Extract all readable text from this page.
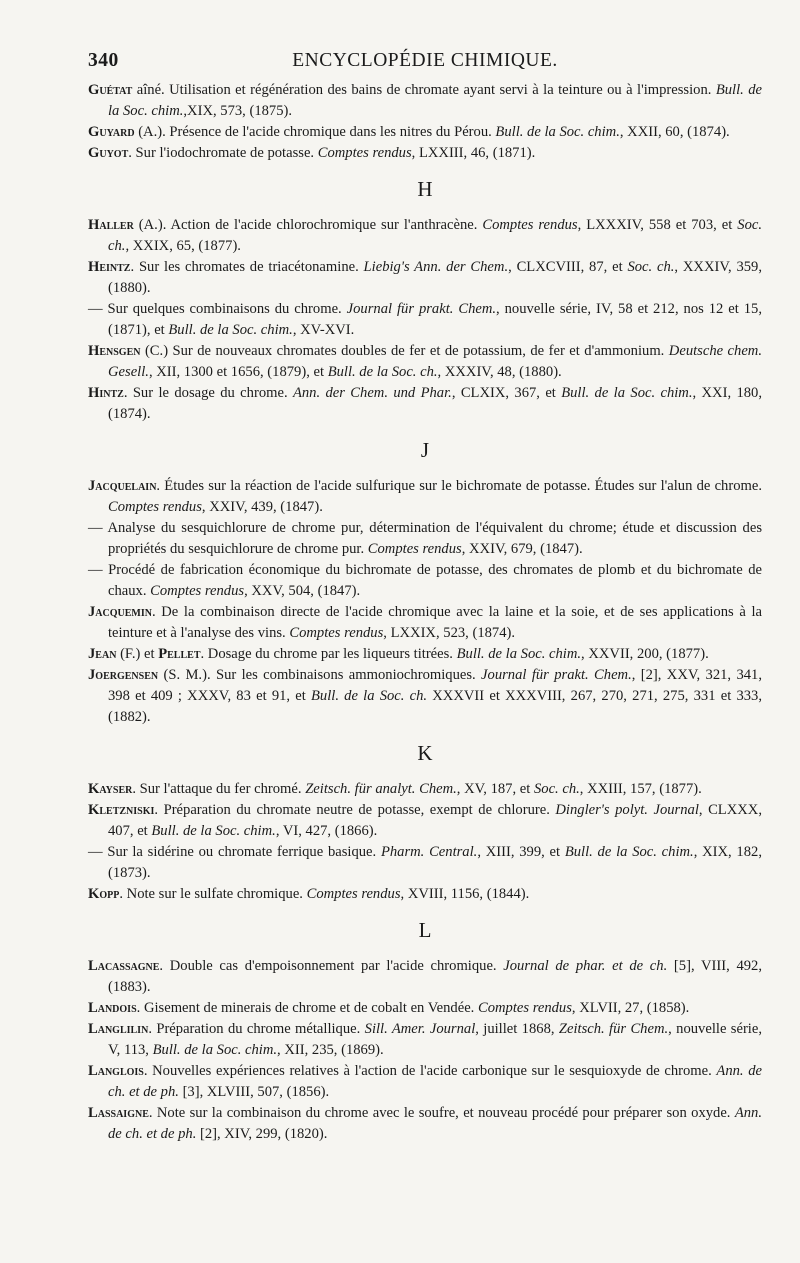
340	ENCYCLOPÉDIE CHIMIQUE.

Guétat aîné. Utilisation et régénération des bains de chromate ayant servi à la teinture ou à l'impression. Bull. de la Soc. chim.,XIX, 573, (1875).

Guyard (A.). Présence de l'acide chromique dans les nitres du Pérou. Bull. de la Soc. chim., XXII, 60, (1874).

Guyot. Sur l'iodochromate de potasse. Comptes rendus, LXXIII, 46, (1871).

H

Haller (A.). Action de l'acide chlorochromique sur l'anthracène. Comptes rendus, LXXXIV, 558 et 703, et Soc. ch., XXIX, 65, (1877).

Heintz. Sur les chromates de triacétonamine. Liebig's Ann. der Chem., CLXCVIII, 87, et Soc. ch., XXXIV, 359, (1880).

— Sur quelques combinaisons du chrome. Journal für prakt. Chem., nouvelle série, IV, 58 et 212, nos 12 et 15, (1871), et Bull. de la Soc. chim., XV-XVI.

Hensgen (C.) Sur de nouveaux chromates doubles de fer et de potassium, de fer et d'ammonium. Deutsche chem. Gesell., XII, 1300 et 1656, (1879), et Bull. de la Soc. ch., XXXIV, 48, (1880).

Hintz. Sur le dosage du chrome. Ann. der Chem. und Phar., CLXIX, 367, et Bull. de la Soc. chim., XXI, 180, (1874).

J

Jacquelain. Études sur la réaction de l'acide sulfurique sur le bichromate de potasse. Études sur l'alun de chrome. Comptes rendus, XXIV, 439, (1847).

— Analyse du sesquichlorure de chrome pur, détermination de l'équivalent du chrome; étude et discussion des propriétés du sesquichlorure de chrome pur. Comptes rendus, XXIV, 679, (1847).

— Procédé de fabrication économique du bichromate de potasse, des chromates de plomb et du bichromate de chaux. Comptes rendus, XXV, 504, (1847).

Jacquemin. De la combinaison directe de l'acide chromique avec la laine et la soie, et de ses applications à la teinture et à l'analyse des vins. Comptes rendus, LXXIX, 523, (1874).

Jean (F.) et Pellet. Dosage du chrome par les liqueurs titrées. Bull. de la Soc. chim., XXVII, 200, (1877).

Joergensen (S. M.). Sur les combinaisons ammoniochromiques. Journal für prakt. Chem., [2], XXV, 321, 341, 398 et 409 ; XXXV, 83 et 91, et Bull. de la Soc. ch. XXXVII et XXXVIII, 267, 270, 271, 275, 331 et 333, (1882).

K

Kayser. Sur l'attaque du fer chromé. Zeitsch. für analyt. Chem., XV, 187, et Soc. ch., XXIII, 157, (1877).

Kletzniski. Préparation du chromate neutre de potasse, exempt de chlorure. Dingler's polyt. Journal, CLXXX, 407, et Bull. de la Soc. chim., VI, 427, (1866).

— Sur la sidérine ou chromate ferrique basique. Pharm. Central., XIII, 399, et Bull. de la Soc. chim., XIX, 182, (1873).

Kopp. Note sur le sulfate chromique. Comptes rendus, XVIII, 1156, (1844).

L

Lacassagne. Double cas d'empoisonnement par l'acide chromique. Journal de phar. et de ch. [5], VIII, 492, (1883).

Landois. Gisement de minerais de chrome et de cobalt en Vendée. Comptes rendus, XLVII, 27, (1858).

Langlilin. Préparation du chrome métallique. Sill. Amer. Journal, juillet 1868, Zeitsch. für Chem., nouvelle série, V, 113, Bull. de la Soc. chim., XII, 235, (1869).

Langlois. Nouvelles expériences relatives à l'action de l'acide carbonique sur le sesquioxyde de chrome. Ann. de ch. et de ph. [3], XLVIII, 507, (1856).

Lassaigne. Note sur la combinaison du chrome avec le soufre, et nouveau procédé pour préparer son oxyde. Ann. de ch. et de ph. [2], XIV, 299, (1820).
